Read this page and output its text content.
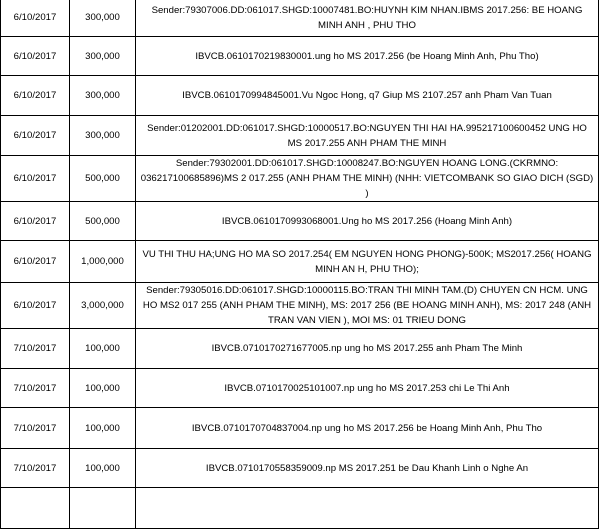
6/10/2017	300,000	Sender:79307006.DD:061017.SHGD:10007481.BO:HUYNH KIM NHAN.IBMS 2017.256: BE HOANG MINH ANH , PHU THO
6/10/2017	300,000	IBVCB.0610170219830001.ung ho MS 2017.256 (be Hoang Minh Anh, Phu Tho)
6/10/2017	300,000	IBVCB.0610170994845001.Vu Ngoc Hong, q7 Giup MS 2107.257 anh Pham Van Tuan
6/10/2017	300,000	Sender:01202001.DD:061017.SHGD:10000517.BO:NGUYEN THI HAI HA.995217100600452 UNG HO MS 2017.255 ANH PHAM THE MINH
6/10/2017	500,000	Sender:79302001.DD:061017.SHGD:10008247.BO:NGUYEN HOANG LONG.(CKRMNO: 036217100685896)MS 2 017.255 (ANH PHAM THE MINH) (NHH: VIETCOMBANK SO GIAO DICH (SGD) )
6/10/2017	500,000	IBVCB.0610170993068001.Ung ho MS 2017.256 (Hoang Minh Anh)
6/10/2017	1,000,000	VU THI THU HA;UNG HO MA SO 2017.254( EM NGUYEN HONG PHONG)-500K; MS2017.256( HOANG MINH AN H, PHU THO);
6/10/2017	3,000,000	Sender:79305016.DD:061017.SHGD:10000115.BO:TRAN THI MINH TAM.(D) CHUYEN CN HCM. UNG HO MS2 017 255 (ANH PHAM THE MINH), MS: 2017 256 (BE HOANG MINH ANH), MS: 2017 248 (ANH TRAN VAN VIEN ), MOI MS: 01 TRIEU DONG
7/10/2017	100,000	IBVCB.0710170271677005.np ung ho MS 2017.255 anh Pham The Minh
7/10/2017	100,000	IBVCB.0710170025101007.np ung ho MS 2017.253 chi Le Thi Anh
7/10/2017	100,000	IBVCB.0710170704837004.np ung ho MS 2017.256 be Hoang Minh Anh, Phu Tho
7/10/2017	100,000	IBVCB.0710170558359009.np MS 2017.251 be Dau Khanh Linh o Nghe An
